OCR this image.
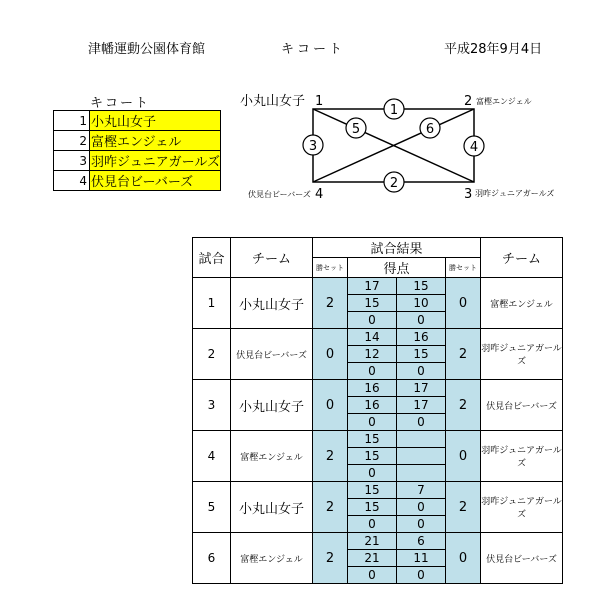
津幡運動公園体育館	キコート	平成28年9月4日
キコート
1	小丸山女子
2	富樫エンジェル
3	羽咋ジュニアガールズ
4	伏見台ビーバーズ
1
2
3	4
5	6
小丸山女子 1	2 富樫エンジェル
伏見台ビーバーズ 4	3 羽咋ジュニアガールズ
試合	チーム	試合結果				チーム
		勝セット	得点		勝セット	
1	小丸山女子	2	17	15	0	富樫エンジェル
			15	10		
			0	0		
2	伏見台ビーバーズ	0	14	16	2	羽咋ジュニアガールズ
			12	15		
			0	0		
3	小丸山女子	0	16	17	2	伏見台ビーバーズ
			16	17		
			0	0		
4	富樫エンジェル	2	15		0	羽咋ジュニアガールズ
			15			
			0			
5	小丸山女子	2	15	7	2	羽咋ジュニアガールズ
			15	0		
			0	0		
6	富樫エンジェル	2	21	6	0	伏見台ビーバーズ
			21	11		
			0	0		
